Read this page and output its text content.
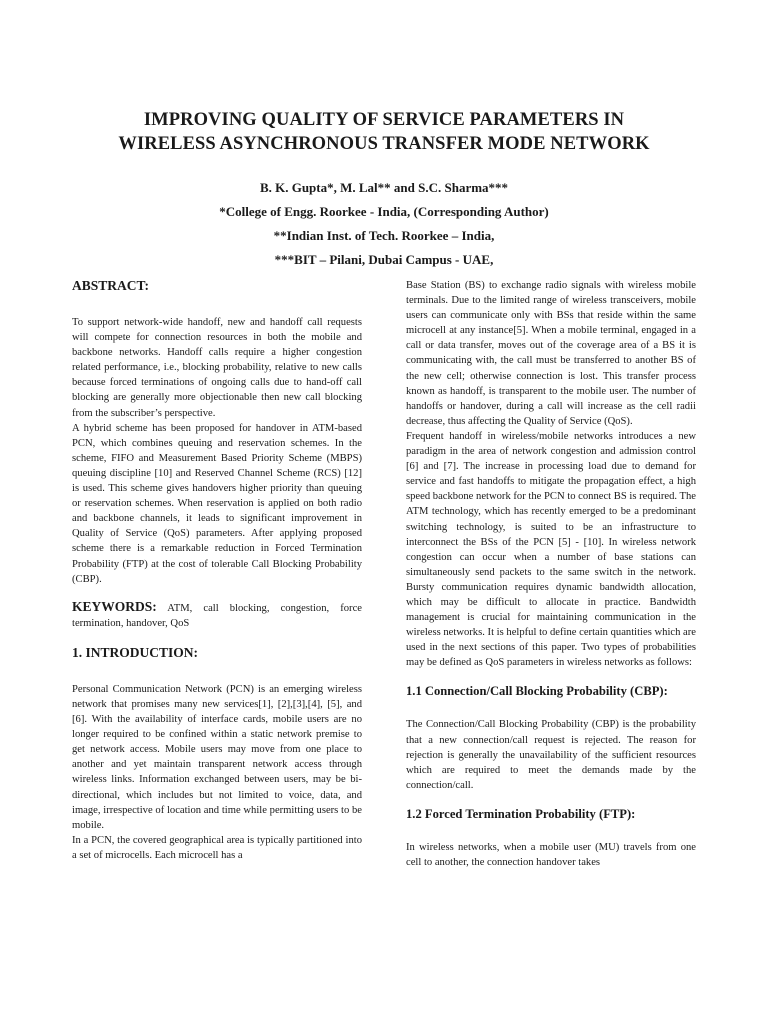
IMPROVING QUALITY OF SERVICE PARAMETERS IN
WIRELESS ASYNCHRONOUS TRANSFER MODE NETWORK
B. K. Gupta*, M. Lal** and S.C. Sharma***
*College of Engg. Roorkee - India, (Corresponding Author)
**Indian Inst. of Tech. Roorkee – India,
***BIT – Pilani, Dubai Campus - UAE,

ABSTRACT:

To support network-wide handoff, new and handoff call requests will compete for connection resources in both the mobile and backbone networks. Handoff calls require a higher congestion related performance, i.e., blocking probability, relative to new calls because forced terminations of ongoing calls due to hand-off call blocking are generally more objectionable then new call blocking from the subscriber’s perspective.

A hybrid scheme has been proposed for handover in ATM-based PCN, which combines queuing and reservation schemes. In the scheme, FIFO and Measurement Based Priority Scheme (MBPS) queuing discipline [10] and Reserved Channel Scheme (RCS) [12] is used. This scheme gives handovers higher priority than queuing or reservation schemes. When reservation is applied on both radio and backbone channels, it leads to significant improvement in Quality of Service (QoS) parameters. After applying proposed scheme there is a remarkable reduction in Forced Termination Probability (FTP) at the cost of tolerable Call Blocking Probability (CBP).

KEYWORDS: ATM, call blocking, congestion, force termination, handover, QoS

1. INTRODUCTION:

Personal Communication Network (PCN) is an emerging wireless network that promises many new services[1], [2],[3],[4], [5], and [6]. With the availability of interface cards, mobile users are no longer required to be confined within a static network premise to get network access. Mobile users may move from one place to another and yet maintain transparent network access through wireless links. Information exchanged between users, may be bi-directional, which includes but not limited to voice, data, and image, irrespective of location and time while permitting users to be mobile.

In a PCN, the covered geographical area is typically partitioned into a set of microcells. Each microcell has a

Base Station (BS) to exchange radio signals with wireless mobile terminals. Due to the limited range of wireless transceivers, mobile users can communicate only with BSs that reside within the same microcell at any instance[5]. When a mobile terminal, engaged in a call or data transfer, moves out of the coverage area of a BS it is communicating with, the call must be transferred to another BS of the new cell; otherwise connection is lost. This transfer process known as handoff, is transparent to the mobile user. The number of handoffs or handover, during a call will increase as the cell radii decrease, thus affecting the Quality of Service (QoS).

Frequent handoff in wireless/mobile networks introduces a new paradigm in the area of network congestion and admission control [6] and [7]. The increase in processing load due to demand for service and fast handoffs to mitigate the propagation effect, a high speed backbone network for the PCN to connect BS is required. The ATM technology, which has recently emerged to be a predominant switching technology, is suited to be an infrastructure to interconnect the BSs of the PCN [5] - [10]. In wireless network congestion can occur when a number of base stations can simultaneously send packets to the same switch in the network. Bursty communication requires dynamic bandwidth allocation, which may be difficult to allocate in practice. Bandwidth management is crucial for maintaining communication in the wireless networks. It is helpful to define certain quantities which are used in the next sections of this paper. Two types of probabilities may be defined as QoS parameters in wireless networks as follows:

1.1 Connection/Call Blocking Probability (CBP):

The Connection/Call Blocking Probability (CBP) is the probability that a new connection/call request is rejected. The reason for rejection is generally the unavailability of the sufficient resources which are required to meet the demands made by the connection/call.

1.2 Forced Termination Probability (FTP):

In wireless networks, when a mobile user (MU) travels from one cell to another, the connection handover takes
